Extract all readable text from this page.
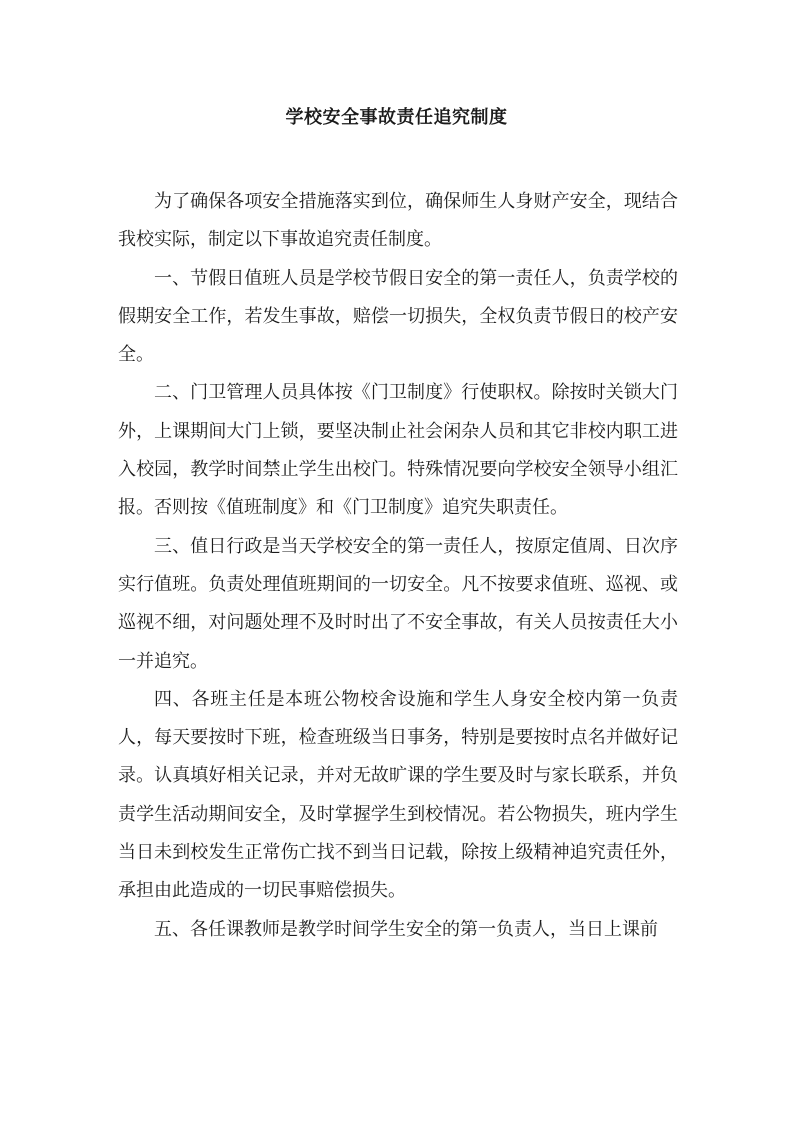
学校安全事故责任追究制度

为了确保各项安全措施落实到位，确保师生人身财产安全，现结合我校实际，制定以下事故追究责任制度。

一、节假日值班人员是学校节假日安全的第一责任人，负责学校的假期安全工作，若发生事故，赔偿一切损失，全权负责节假日的校产安全。

二、门卫管理人员具体按《门卫制度》行使职权。除按时关锁大门外，上课期间大门上锁，要坚决制止社会闲杂人员和其它非校内职工进入校园，教学时间禁止学生出校门。特殊情况要向学校安全领导小组汇报。否则按《值班制度》和《门卫制度》追究失职责任。

三、值日行政是当天学校安全的第一责任人，按原定值周、日次序实行值班。负责处理值班期间的一切安全。凡不按要求值班、巡视、或巡视不细，对问题处理不及时时出了不安全事故，有关人员按责任大小一并追究。

四、各班主任是本班公物校舍设施和学生人身安全校内第一负责人，每天要按时下班，检查班级当日事务，特别是要按时点名并做好记录。认真填好相关记录，并对无故旷课的学生要及时与家长联系，并负责学生活动期间安全，及时掌握学生到校情况。若公物损失，班内学生当日未到校发生正常伤亡找不到当日记载，除按上级精神追究责任外，承担由此造成的一切民事赔偿损失。

五、各任课教师是教学时间学生安全的第一负责人，当日上课前
